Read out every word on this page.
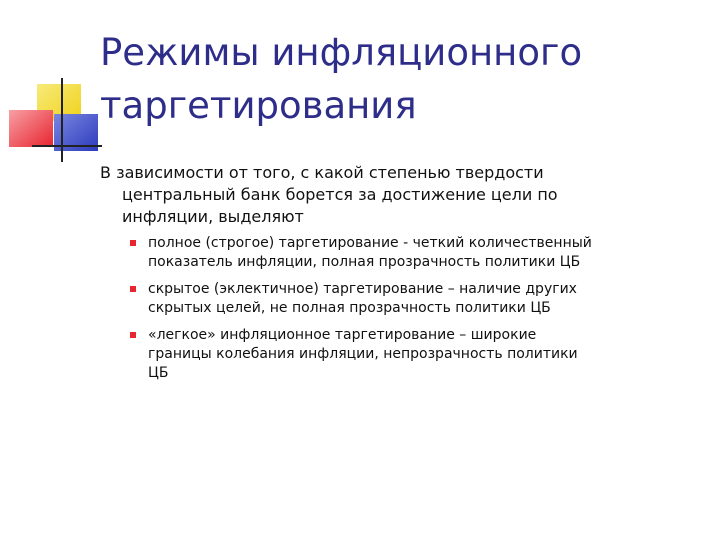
Режимы инфляционного
таргетирования

В зависимости от того, с какой степенью твердости
центральный банк борется за достижение цели по
инфляции, выделяют

полное (строгое) таргетирование - четкий количественный
показатель инфляции, полная прозрачность политики ЦБ
скрытое (эклектичное) таргетирование – наличие других
скрытых целей, не полная прозрачность политики ЦБ
«легкое» инфляционное таргетирование – широкие
границы колебания инфляции, непрозрачность политики
ЦБ
